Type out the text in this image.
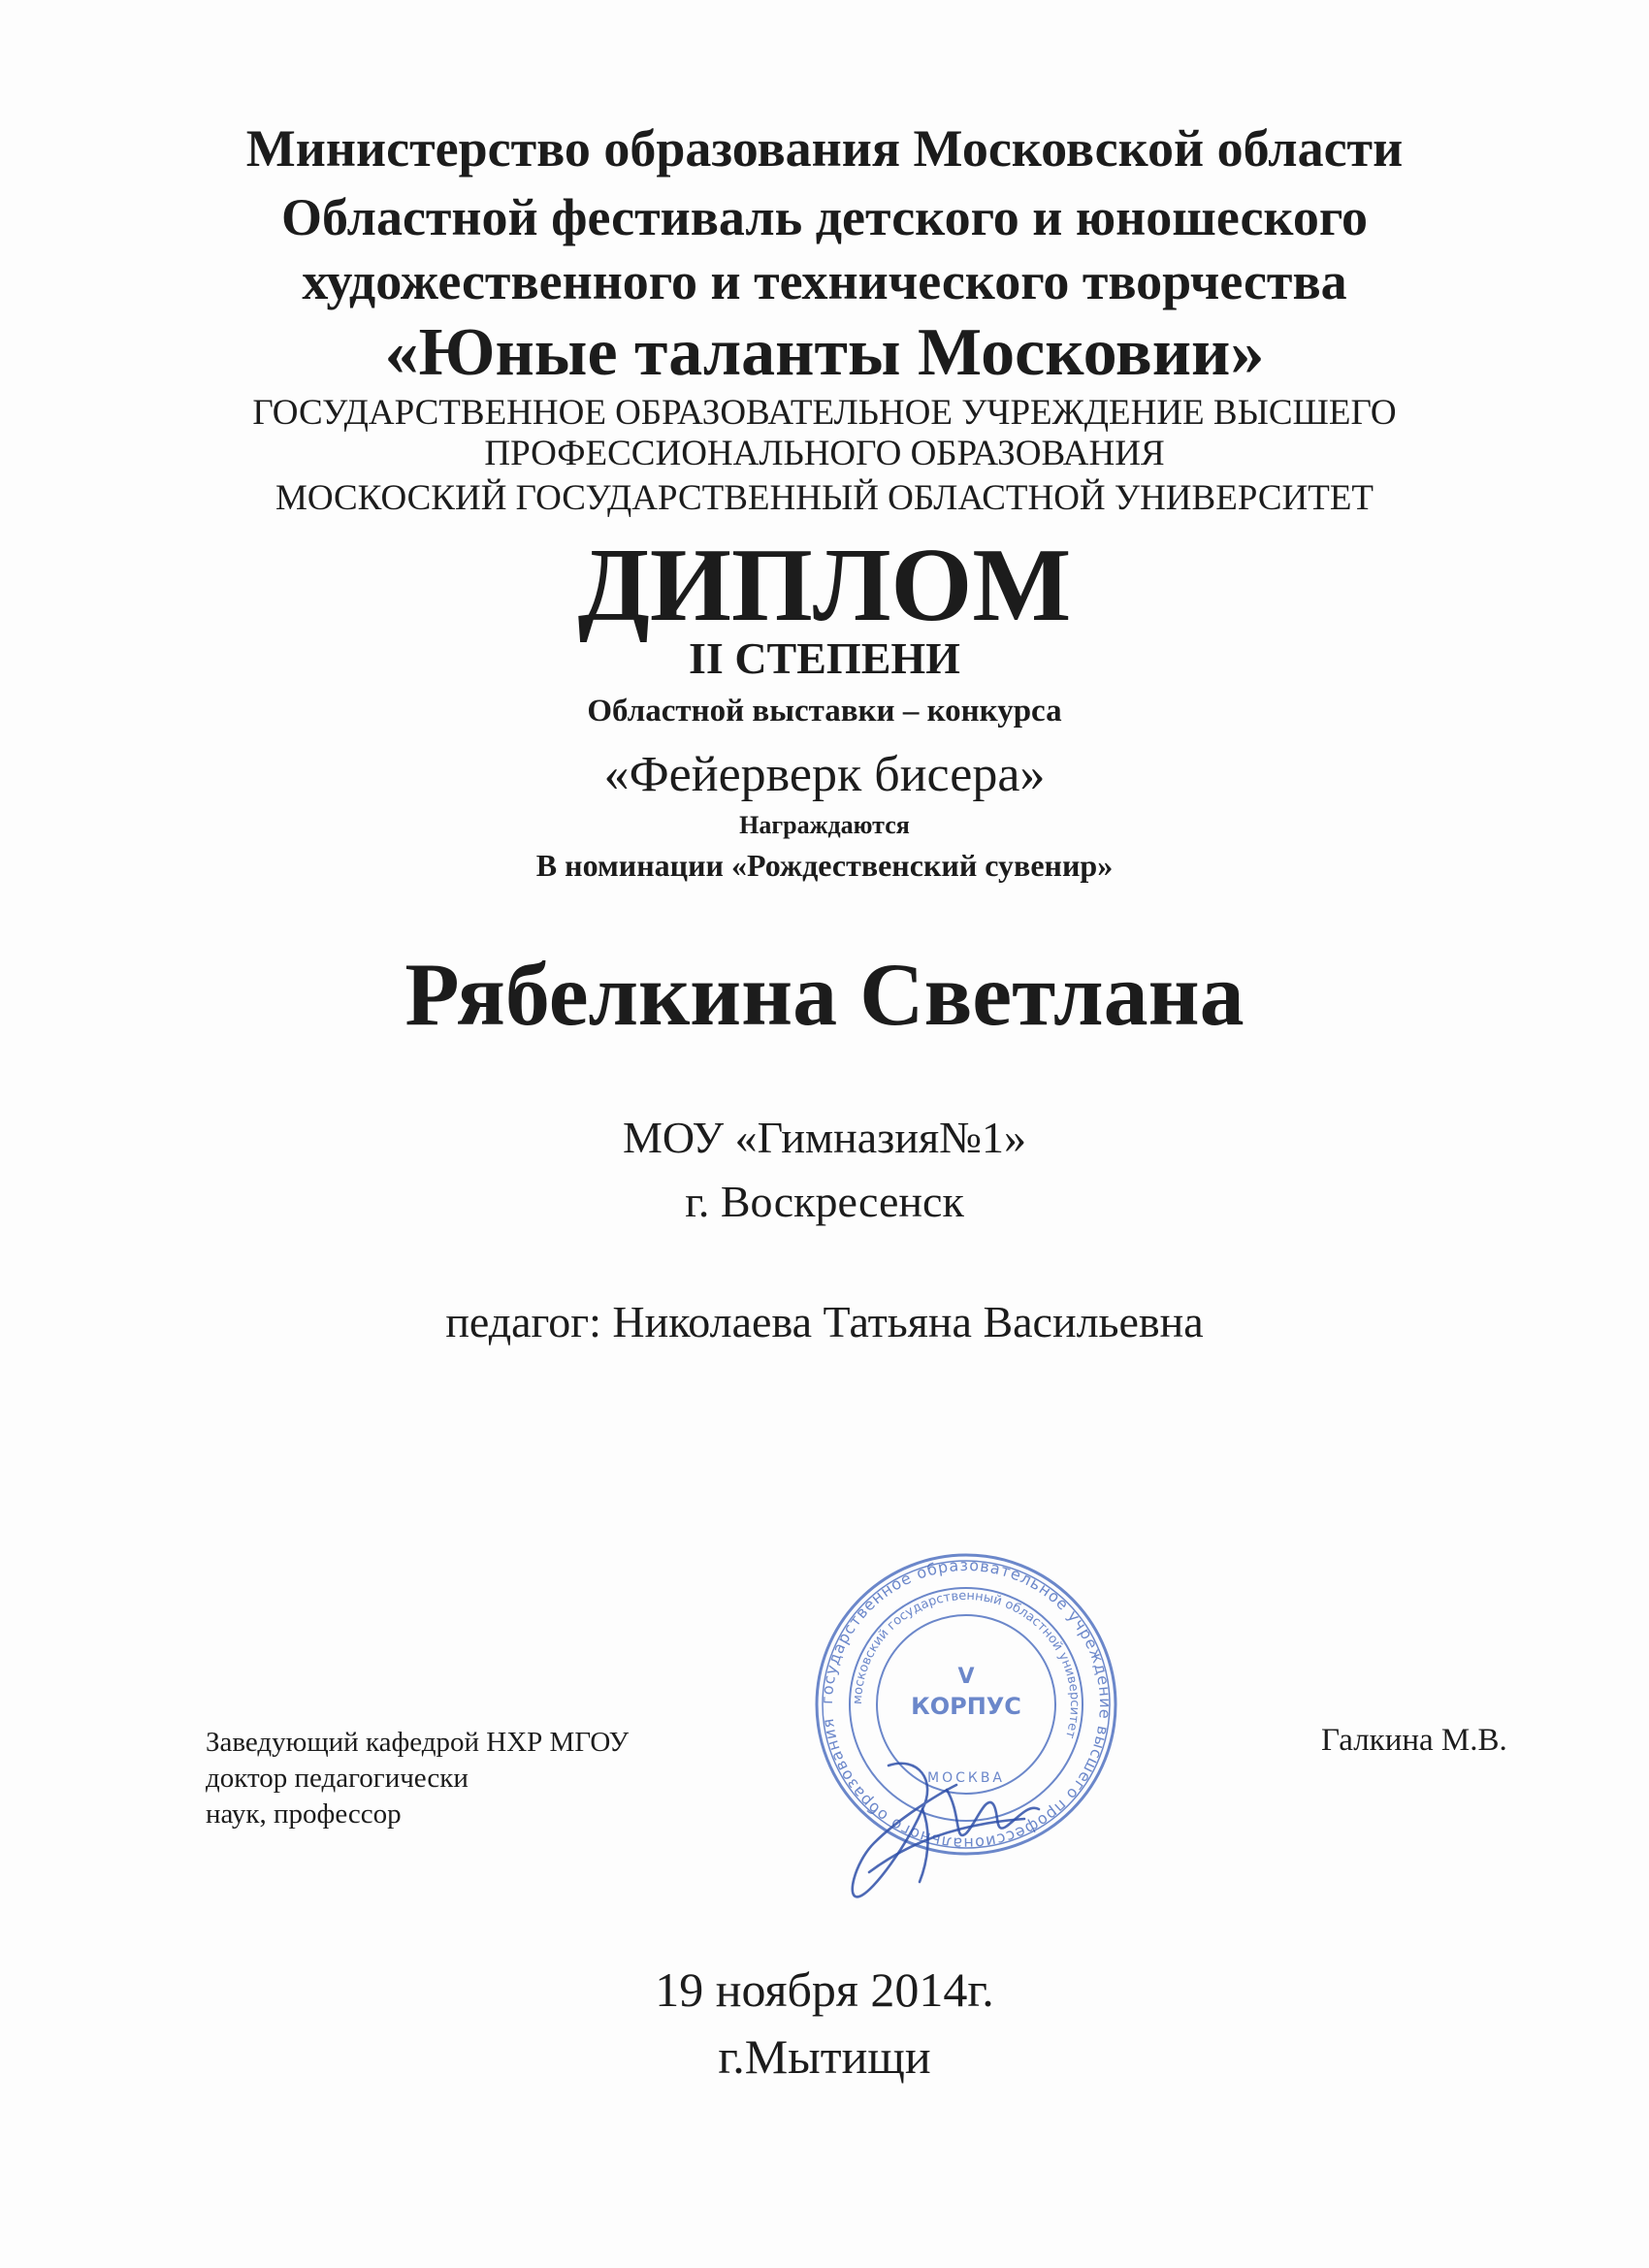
Министерство образования Московской области
Областной фестиваль детского и юношеского
художественного и технического творчества
«Юные таланты Московии»
ГОСУДАРСТВЕННОЕ ОБРАЗОВАТЕЛЬНОЕ УЧРЕЖДЕНИЕ ВЫСШЕГО
ПРОФЕССИОНАЛЬНОГО ОБРАЗОВАНИЯ
МОСКОСКИЙ ГОСУДАРСТВЕННЫЙ ОБЛАСТНОЙ УНИВЕРСИТЕТ
ДИПЛОМ
II СТЕПЕНИ
Областной выставки – конкурса
«Фейерверк бисера»
Награждаются
В номинации «Рождественский сувенир»
Рябелкина Светлана
МОУ «Гимназия№1»
г. Воскресенск
педагог: Николаева Татьяна Васильевна
Заведующий кафедрой НХР МГОУ
доктор педагогически
наук, профессор
Галкина М.В.
государственное образовательное учреждение высшего профессионального образования
московский государственный областной университет
V
КОРПУС
МОСКВА
19 ноября 2014г.
г.Мытищи
